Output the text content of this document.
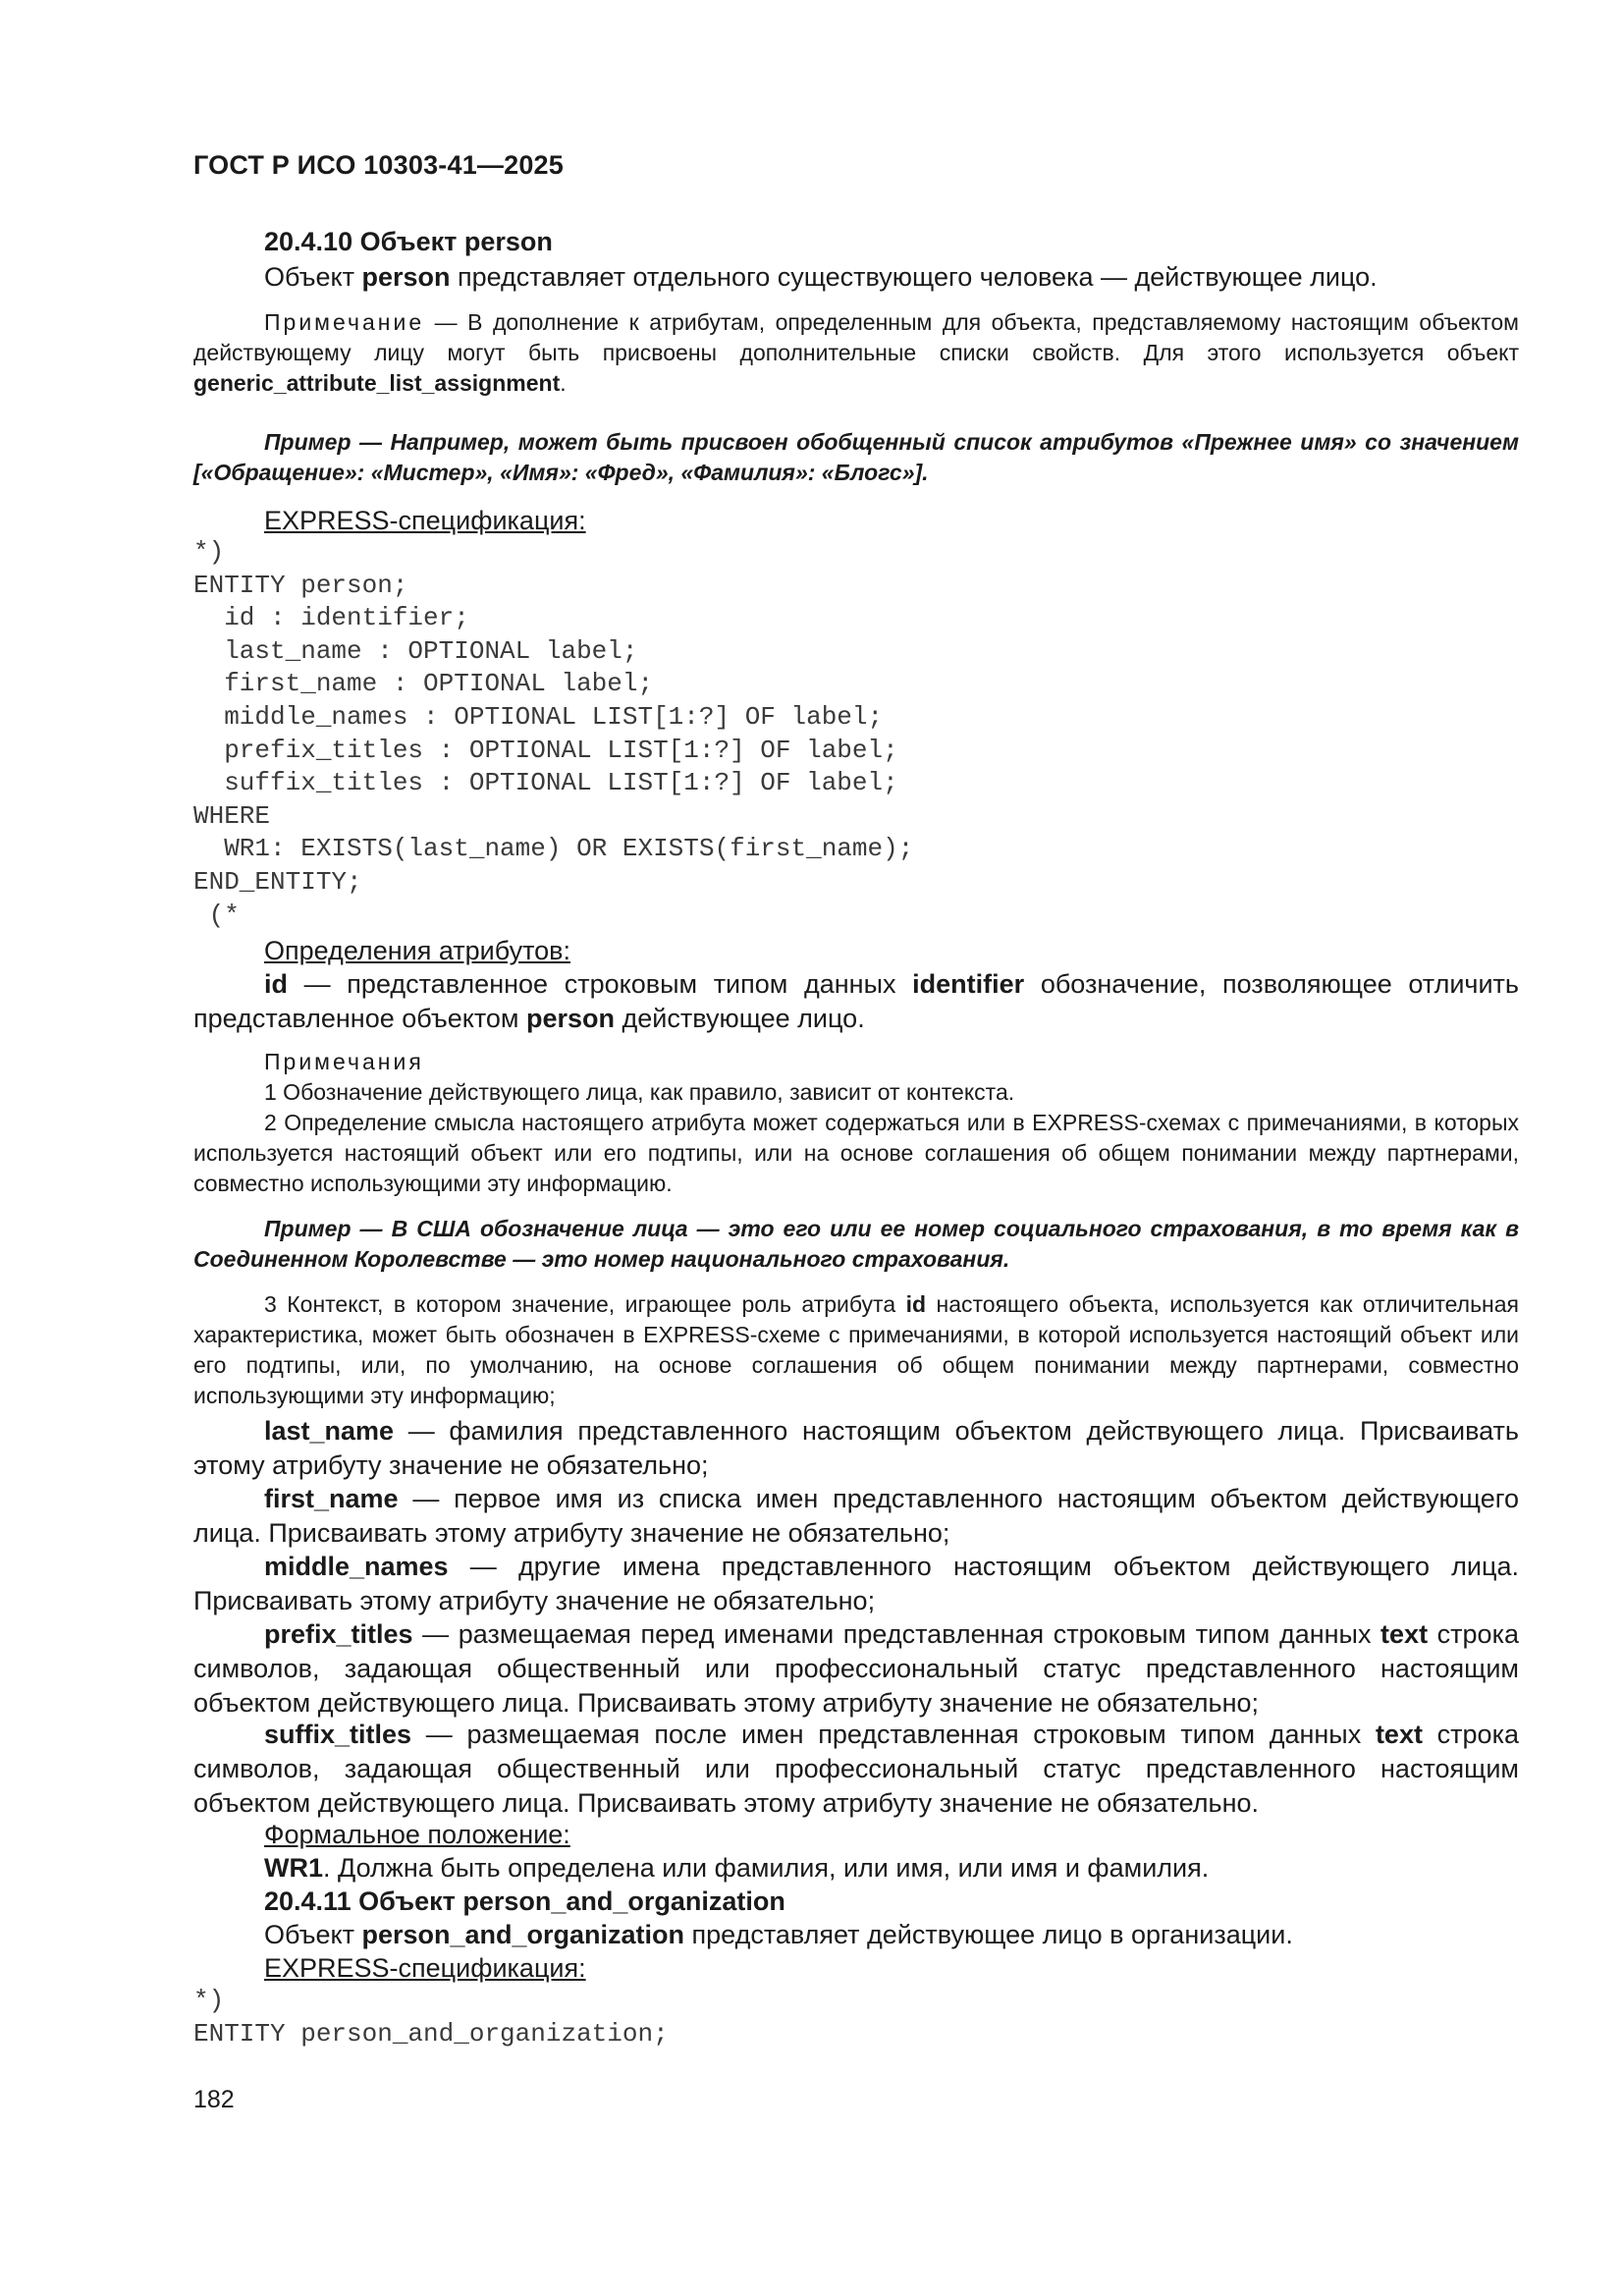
ГОСТ Р ИСО 10303-41—2025
20.4.10 Объект person
Объект person представляет отдельного существующего человека — действующее лицо.
Примечание — В дополнение к атрибутам, определенным для объекта, представляемому настоящим объектом действующему лицу могут быть присвоены дополнительные списки свойств. Для этого используется объект generic_attribute_list_assignment.
Пример — Например, может быть присвоен обобщенный список атрибутов «Прежнее имя» со значением [«Обращение»: «Мистер», «Имя»: «Фред», «Фамилия»: «Блогс»].
EXPRESS-спецификация:
*)
ENTITY person;
id : identifier;
last_name : OPTIONAL label;
first_name : OPTIONAL label;
middle_names : OPTIONAL LIST[1:?] OF label;
prefix_titles : OPTIONAL LIST[1:?] OF label;
suffix_titles : OPTIONAL LIST[1:?] OF label;
WHERE
WR1: EXISTS(last_name) OR EXISTS(first_name);
END_ENTITY;
(*
Определения атрибутов:
id — представленное строковым типом данных identifier обозначение, позволяющее отличить представленное объектом person действующее лицо.
Примечания
1 Обозначение действующего лица, как правило, зависит от контекста.
2 Определение смысла настоящего атрибута может содержаться или в EXPRESS-схемах с примечаниями, в которых используется настоящий объект или его подтипы, или на основе соглашения об общем понимании между партнерами, совместно использующими эту информацию.
Пример — В США обозначение лица — это его или ее номер социального страхования, в то время как в Соединенном Королевстве — это номер национального страхования.
3 Контекст, в котором значение, играющее роль атрибута id настоящего объекта, используется как отличительная характеристика, может быть обозначен в EXPRESS-схеме с примечаниями, в которой используется настоящий объект или его подтипы, или, по умолчанию, на основе соглашения об общем понимании между партнерами, совместно использующими эту информацию;
last_name — фамилия представленного настоящим объектом действующего лица. Присваивать этому атрибуту значение не обязательно;
first_name — первое имя из списка имен представленного настоящим объектом действующего лица. Присваивать этому атрибуту значение не обязательно;
middle_names — другие имена представленного настоящим объектом действующего лица. Присваивать этому атрибуту значение не обязательно;
prefix_titles — размещаемая перед именами представленная строковым типом данных text строка символов, задающая общественный или профессиональный статус представленного настоящим объектом действующего лица. Присваивать этому атрибуту значение не обязательно;
suffix_titles — размещаемая после имен представленная строковым типом данных text строка символов, задающая общественный или профессиональный статус представленного настоящим объектом действующего лица. Присваивать этому атрибуту значение не обязательно.
Формальное положение:
WR1. Должна быть определена или фамилия, или имя, или имя и фамилия.
20.4.11 Объект person_and_organization
Объект person_and_organization представляет действующее лицо в организации.
EXPRESS-спецификация:
*)
ENTITY person_and_organization;
182
